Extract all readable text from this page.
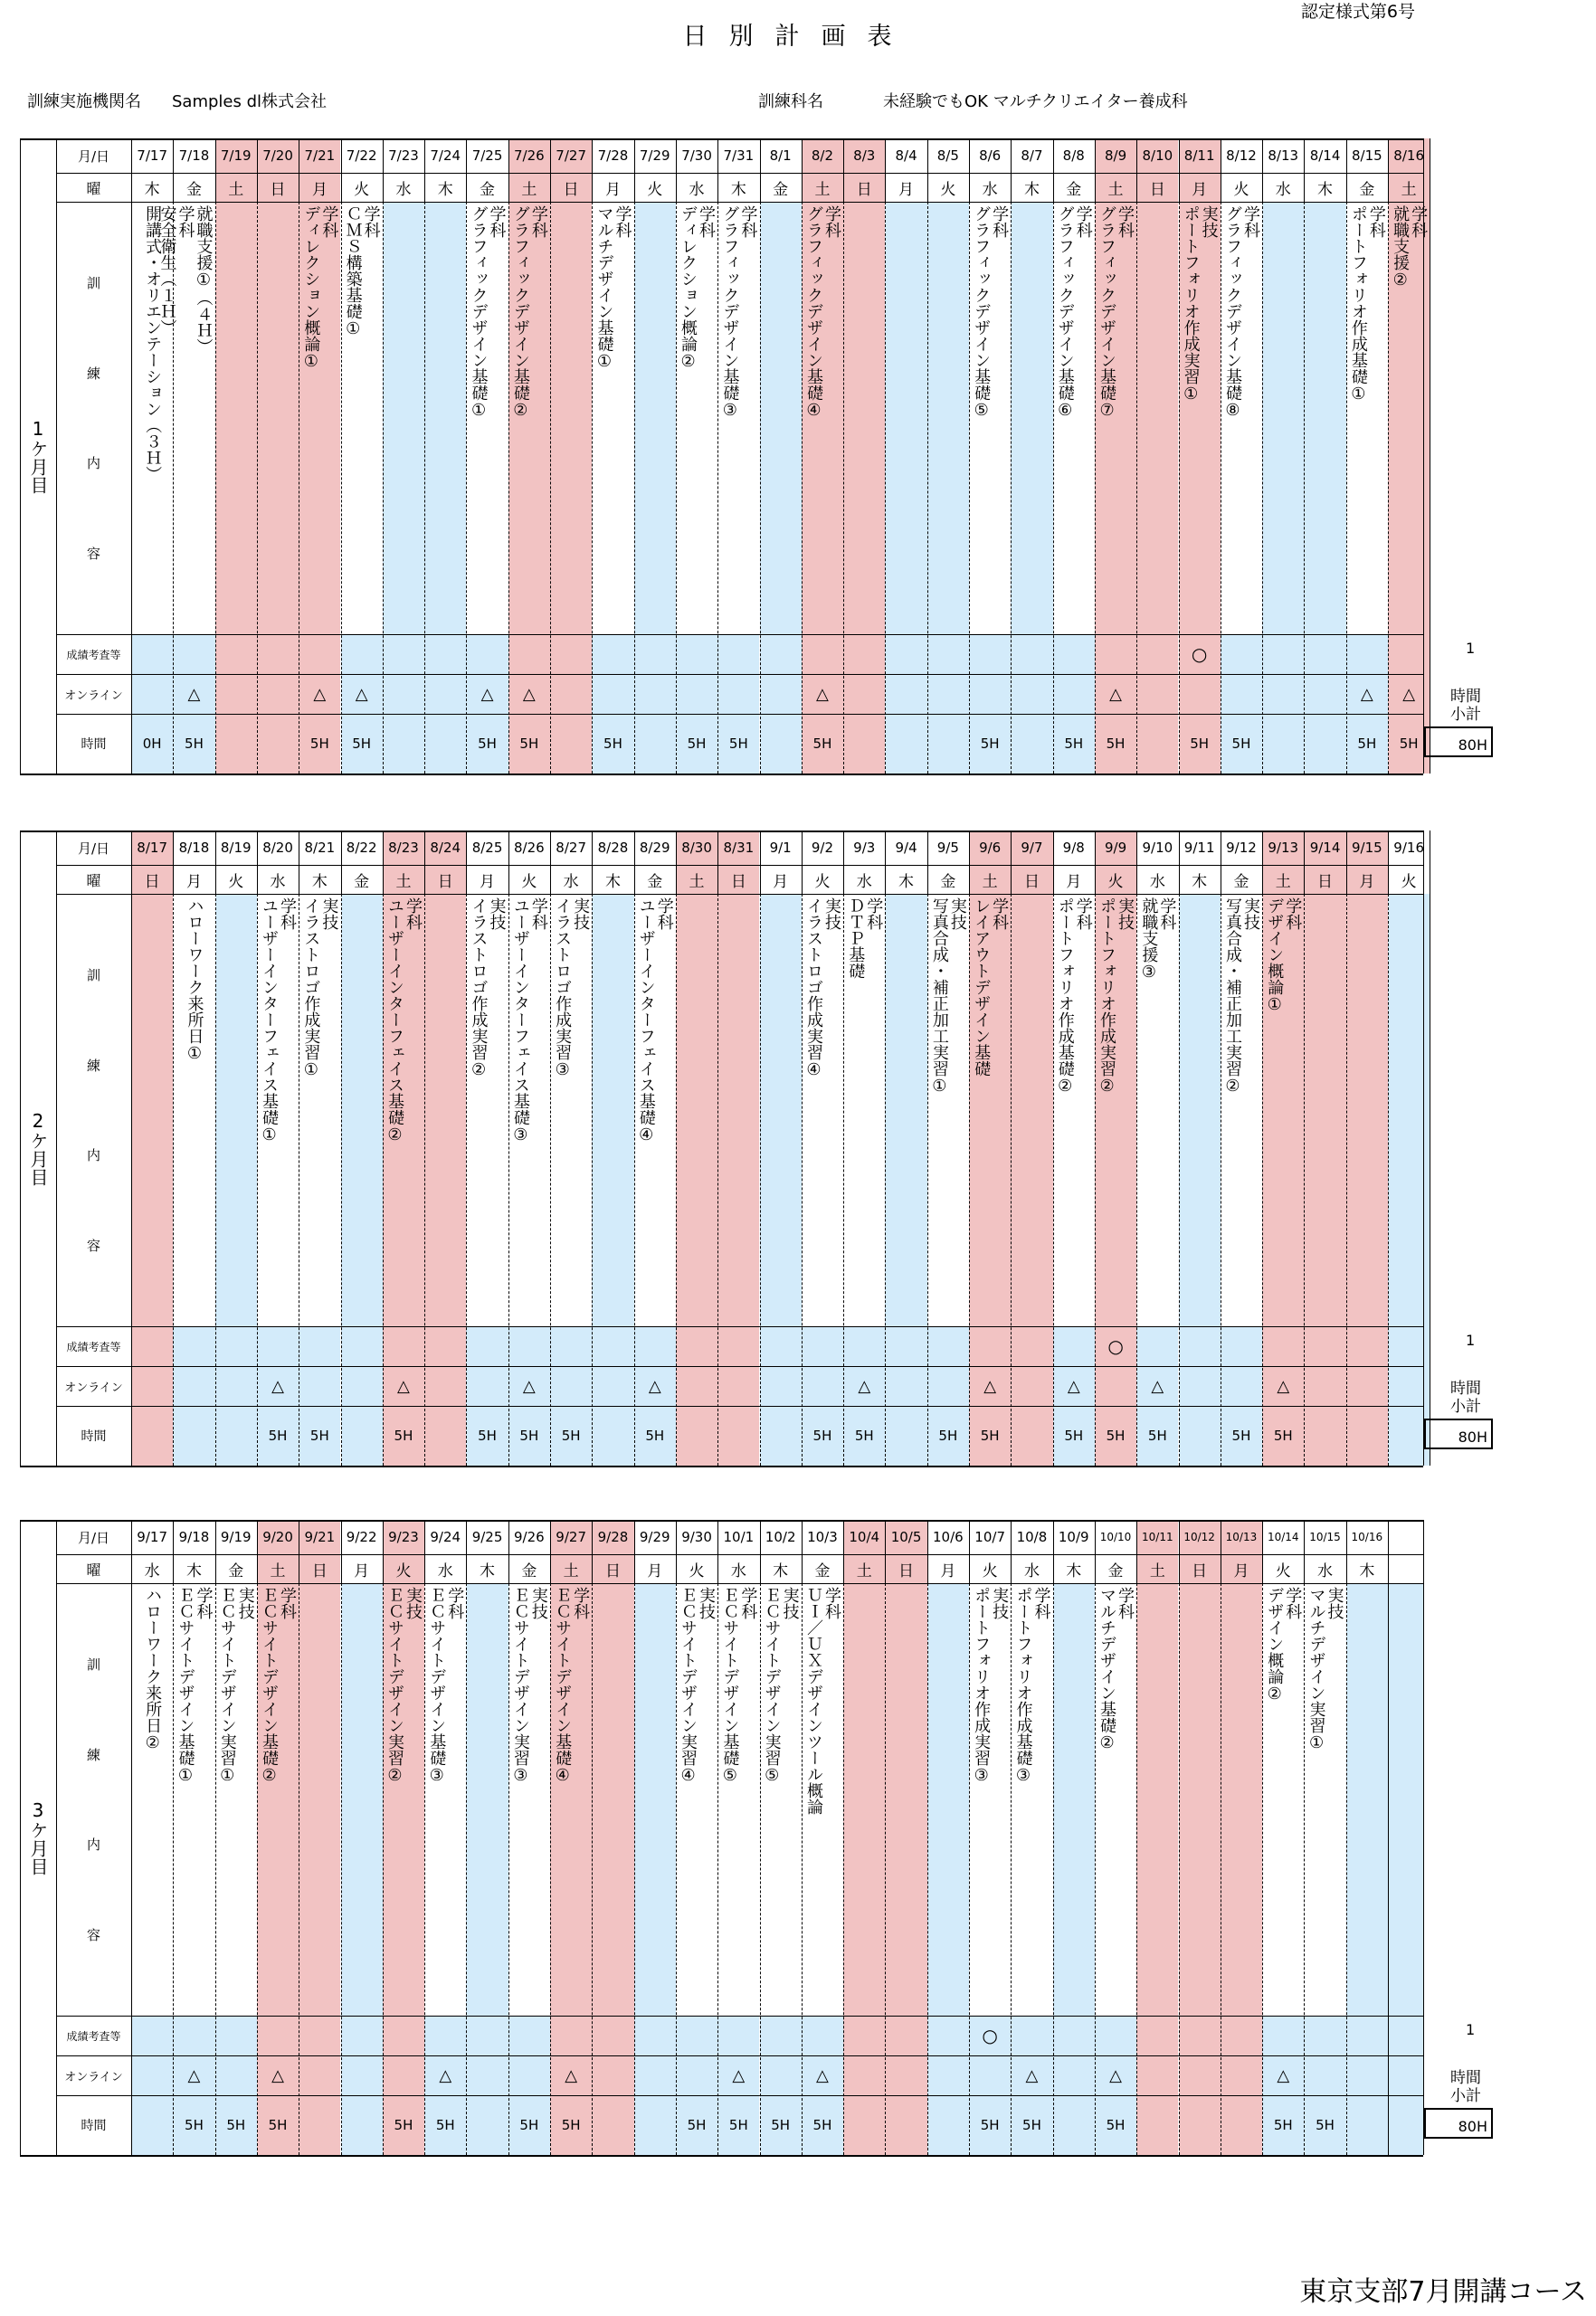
日別計画表
認定様式第6号
訓練実施機関名 Samples dl株式会社	訓練科名	未経験でもOK マルチクリエイター養成科
7/17
木
開講式・オリエンテーション（３Ｈ）
0H
7/18
金

就職支援①（４Ｈ）
学科
安全衛生（１Ｈ）
△
5H
7/19
土
7/20
日
7/21
月
学科
ディレクション概論①
△
5H
7/22
火
学科
ＣＭＳ構築基礎①
△
5H
7/23
水
7/24
木
7/25
金
学科
グラフィックデザイン基礎①
△
5H
7/26
土
学科
グラフィックデザイン基礎②
△
5H
7/27
日
7/28
月
学科
マルチデザイン基礎①
5H
7/29
火
7/30
水
学科
ディレクション概論②
5H
7/31
木
学科
グラフィックデザイン基礎③
5H
8/1
金
8/2
土
学科
グラフィックデザイン基礎④
△
5H
8/3
日
8/4
月
8/5
火
8/6
水
学科
グラフィックデザイン基礎⑤
5H
8/7
木
8/8
金
学科
グラフィックデザイン基礎⑥
5H
8/9
土
学科
グラフィックデザイン基礎⑦
△
5H
8/10
日
8/11
月
実技
ポートフォリオ作成実習①
○
5H
8/12
火
学科
グラフィックデザイン基礎⑧
5H
8/13
水
8/14
木
8/15
金
学科
ポートフォリオ作成基礎①
△
5H
8/16
土
学科
就職支援②
△
5H
1ケ月目
月/日
曜
成績考査等
オンライン
時間
訓
練
内
容
1
時間
小計
80H
8/17
日
8/18
月
ハローワーク来所日①
8/19
火
8/20
水
学科
ユーザーインターフェイス基礎①
△
5H
8/21
木
実技
イラストロゴ作成実習①
5H
8/22
金
8/23
土
学科
ユーザーインターフェイス基礎②
△
5H
8/24
日
8/25
月
実技
イラストロゴ作成実習②
5H
8/26
火
学科
ユーザーインターフェイス基礎③
△
5H
8/27
水
実技
イラストロゴ作成実習③
5H
8/28
木
8/29
金
学科
ユーザーインターフェイス基礎④
△
5H
8/30
土
8/31
日
9/1
月
9/2
火
実技
イラストロゴ作成実習④
5H
9/3
水
学科
ＤＴＰ基礎
△
5H
9/4
木
9/5
金
実技
写真合成・補正加工実習①
5H
9/6
土
学科
レイアウトデザイン基礎
△
5H
9/7
日
9/8
月
学科
ポートフォリオ作成基礎②
△
5H
9/9
火
実技
ポートフォリオ作成実習②
○
5H
9/10
水
学科
就職支援③
△
5H
9/11
木
9/12
金
実技
写真合成・補正加工実習②
5H
9/13
土
学科
デザイン概論①
△
5H
9/14
日
9/15
月
9/16
火
2ケ月目
月/日
曜
成績考査等
オンライン
時間
訓
練
内
容
1
時間
小計
80H
9/17
水
ハローワーク来所日②
9/18
木
学科
ＥＣサイトデザイン基礎①
△
5H
9/19
金
実技
ＥＣサイトデザイン実習①
5H
9/20
土
学科
ＥＣサイトデザイン基礎②
△
5H
9/21
日
9/22
月
9/23
火
実技
ＥＣサイトデザイン実習②
5H
9/24
水
学科
ＥＣサイトデザイン基礎③
△
5H
9/25
木
9/26
金
実技
ＥＣサイトデザイン実習③
5H
9/27
土
学科
ＥＣサイトデザイン基礎④
△
5H
9/28
日
9/29
月
9/30
火
実技
ＥＣサイトデザイン実習④
5H
10/1
水
学科
ＥＣサイトデザイン基礎⑤
△
5H
10/2
木
実技
ＥＣサイトデザイン実習⑤
5H
10/3
金
学科
ＵＩ／ＵＸデザインツール概論
△
5H
10/4
土
10/5
日
10/6
月
10/7
火
実技
ポートフォリオ作成実習③
○
5H
10/8
水
学科
ポートフォリオ作成基礎③
△
5H
10/9
木
10/10
金
学科
マルチデザイン基礎②
△
5H
10/11
土
10/12
日
10/13
月
10/14
火
学科
デザイン概論②
△
5H
10/15
水
実技
マルチデザイン実習①
5H
10/16
木
3ケ月目
月/日
曜
成績考査等
オンライン
時間
訓
練
内
容
1
時間
小計
80H
東京支部7月開講コース
